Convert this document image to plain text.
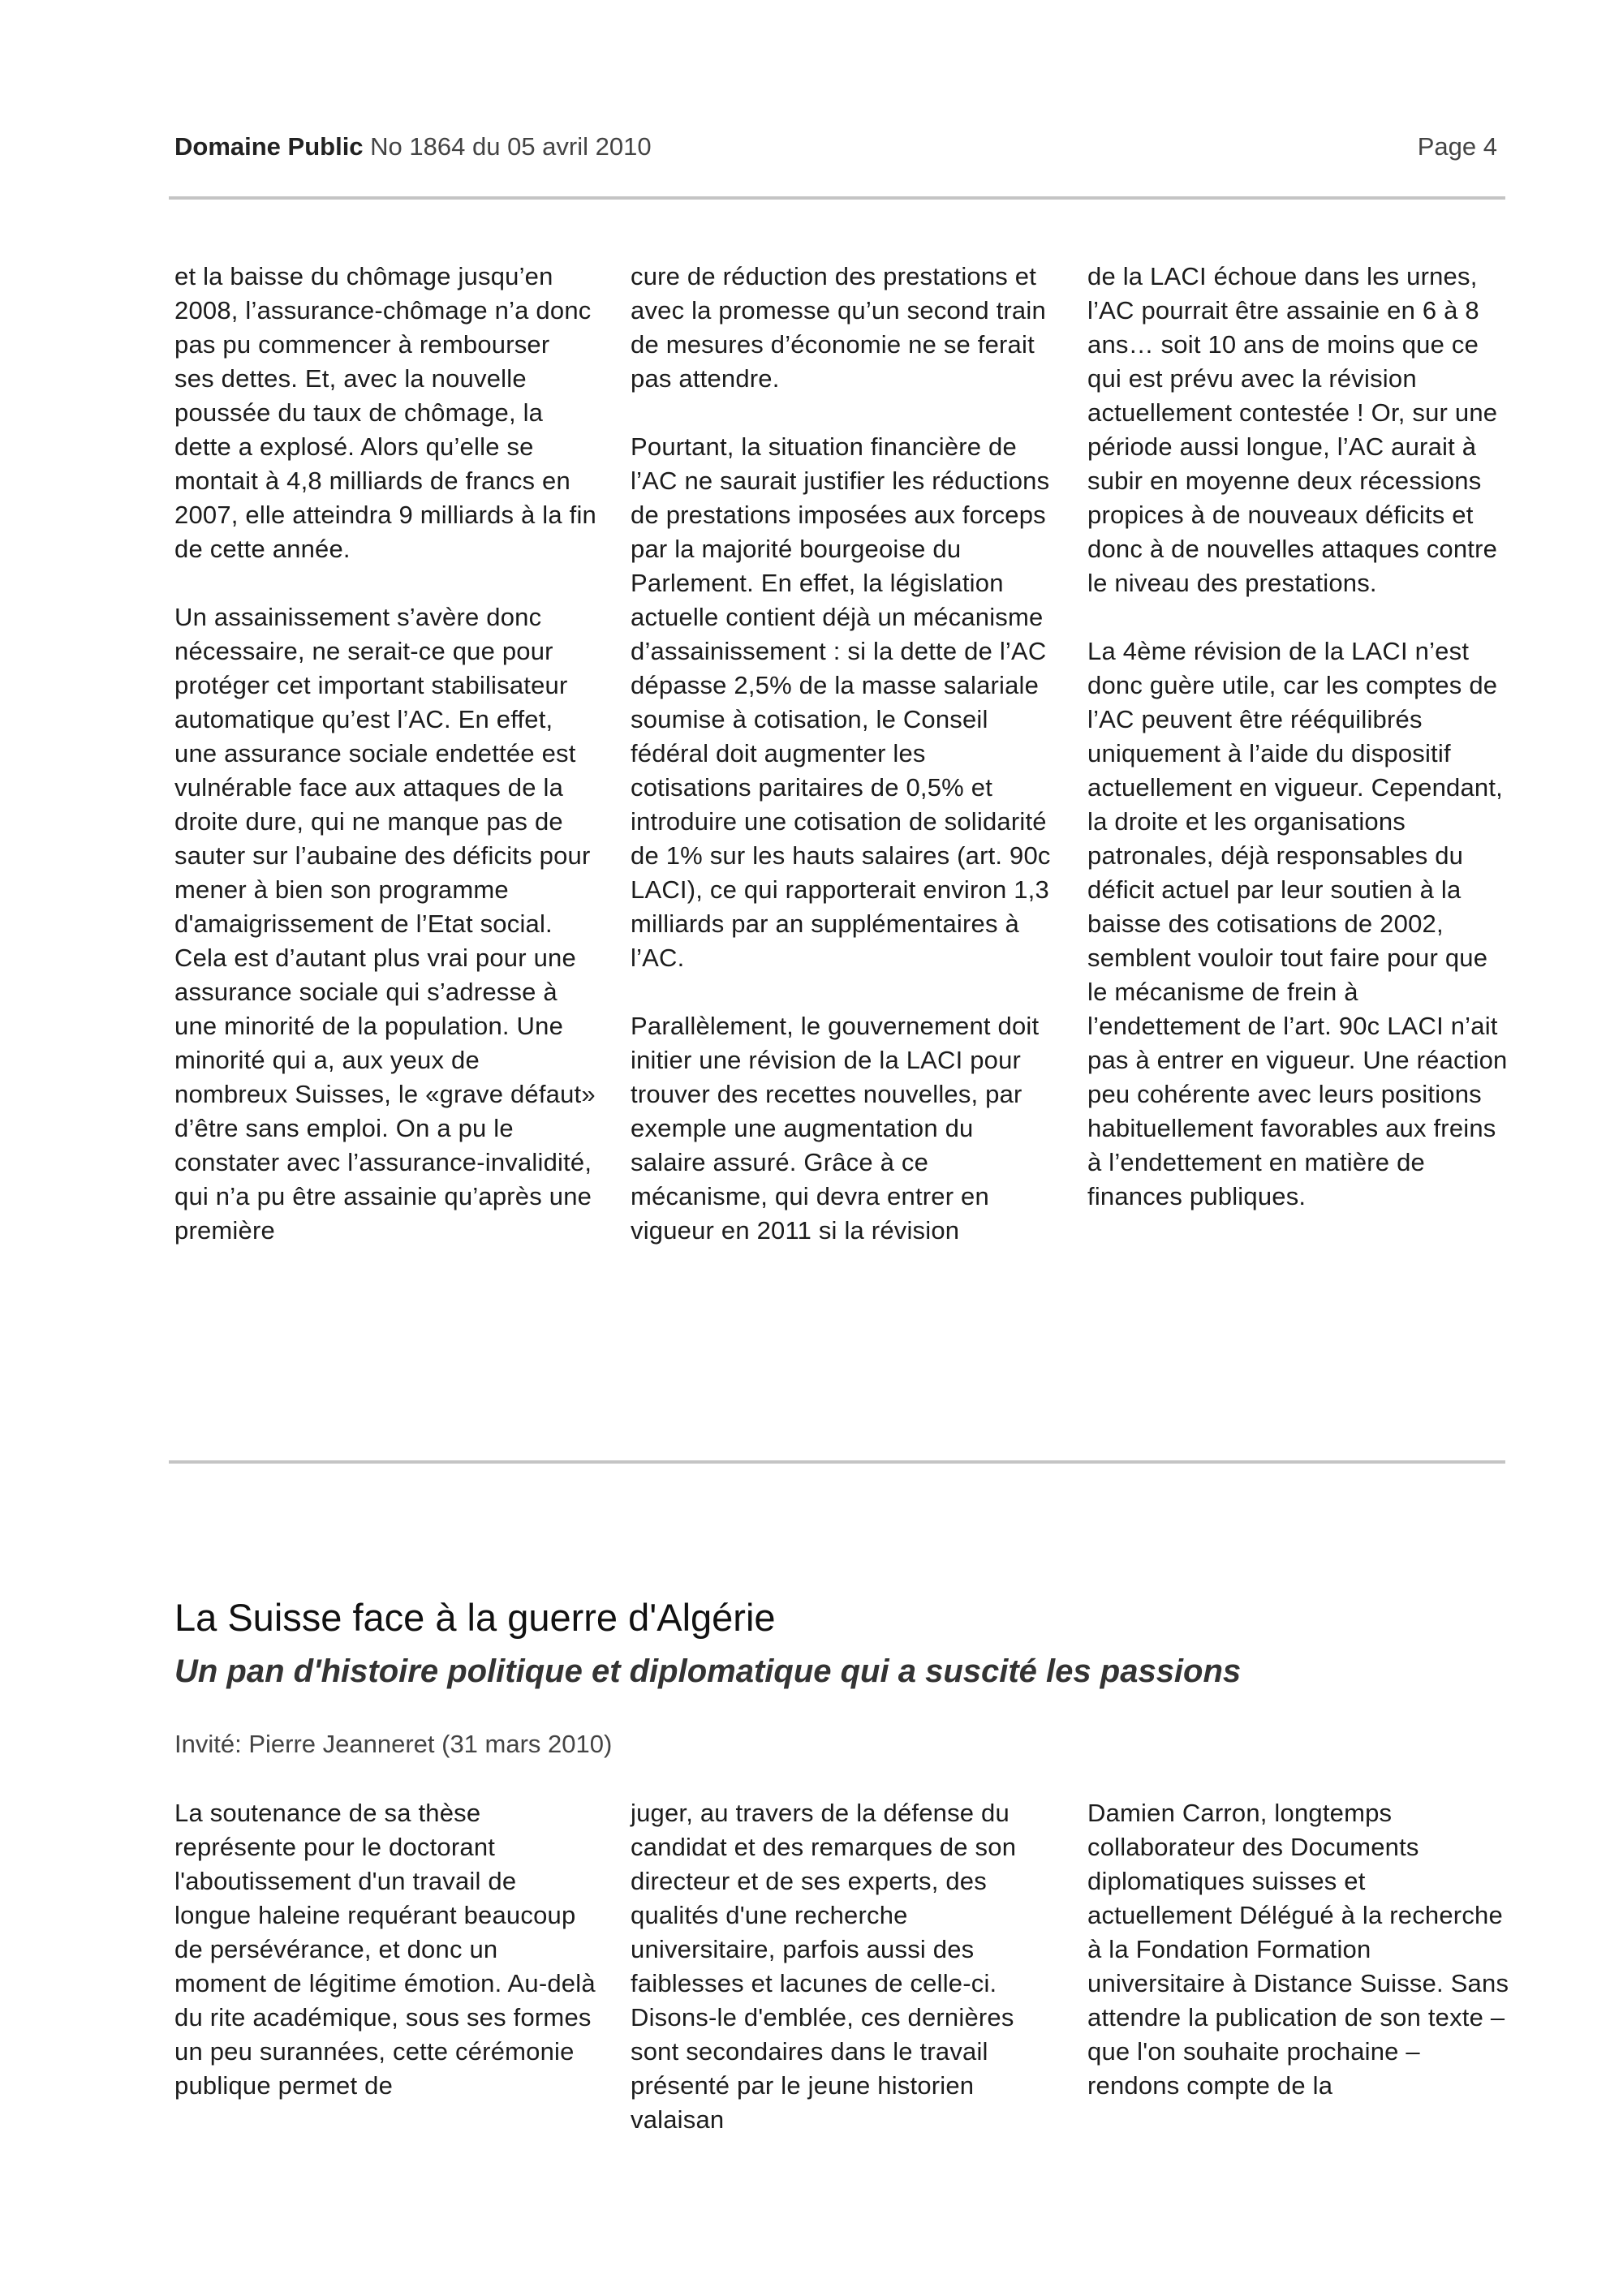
Domaine Public No 1864 du 05 avril 2010	Page 4

et la baisse du chômage jusqu’en 2008, l’assurance-chômage n’a donc pas pu commencer à rembourser ses dettes. Et, avec la nouvelle poussée du taux de chômage, la dette a explosé. Alors qu’elle se montait à 4,8 milliards de francs en 2007, elle atteindra 9 milliards à la fin de cette année.

Un assainissement s’avère donc nécessaire, ne serait-ce que pour protéger cet important stabilisateur automatique qu’est l’AC. En effet, une assurance sociale endettée est vulnérable face aux attaques de la droite dure, qui ne manque pas de sauter sur l’aubaine des déficits pour mener à bien son programme d'amaigrissement de l’Etat social. Cela est d’autant plus vrai pour une assurance sociale qui s’adresse à une minorité de la population. Une minorité qui a, aux yeux de nombreux Suisses, le «grave défaut» d’être sans emploi. On a pu le constater avec l’assurance-invalidité, qui n’a pu être assainie qu’après une première

cure de réduction des prestations et avec la promesse qu’un second train de mesures d’économie ne se ferait pas attendre.

Pourtant, la situation financière de l’AC ne saurait justifier les réductions de prestations imposées aux forceps par la majorité bourgeoise du Parlement. En effet, la législation actuelle contient déjà un mécanisme d’assainissement : si la dette de l’AC dépasse 2,5% de la masse salariale soumise à cotisation, le Conseil fédéral doit augmenter les cotisations paritaires de 0,5% et introduire une cotisation de solidarité de 1% sur les hauts salaires (art. 90c LACI), ce qui rapporterait environ 1,3 milliards par an supplémentaires à l’AC.

Parallèlement, le gouvernement doit initier une révision de la LACI pour trouver des recettes nouvelles, par exemple une augmentation du salaire assuré. Grâce à ce mécanisme, qui devra entrer en vigueur en 2011 si la révision

de la LACI échoue dans les urnes, l’AC pourrait être assainie en 6 à 8 ans… soit 10 ans de moins que ce qui est prévu avec la révision actuellement contestée ! Or, sur une période aussi longue, l’AC aurait à subir en moyenne deux récessions propices à de nouveaux déficits et donc à de nouvelles attaques contre le niveau des prestations.

La 4ème révision de la LACI n’est donc guère utile, car les comptes de l’AC peuvent être rééquilibrés uniquement à l’aide du dispositif actuellement en vigueur. Cependant, la droite et les organisations patronales, déjà responsables du déficit actuel par leur soutien à la baisse des cotisations de 2002, semblent vouloir tout faire pour que le mécanisme de frein à l’endettement de l’art. 90c LACI n’ait pas à entrer en vigueur. Une réaction peu cohérente avec leurs positions habituellement favorables aux freins à l’endettement en matière de finances publiques.

La Suisse face à la guerre d'Algérie
Un pan d'histoire politique et diplomatique qui a suscité les passions
Invité: Pierre Jeanneret (31 mars 2010)

La soutenance de sa thèse représente pour le doctorant l'aboutissement d'un travail de longue haleine requérant beaucoup de persévérance, et donc un moment de légitime émotion. Au-delà du rite académique, sous ses formes un peu surannées, cette cérémonie publique permet de

juger, au travers de la défense du candidat et des remarques de son directeur et de ses experts, des qualités d'une recherche universitaire, parfois aussi des faiblesses et lacunes de celle-ci. Disons-le d'emblée, ces dernières sont secondaires dans le travail présenté par le jeune historien valaisan

Damien Carron, longtemps collaborateur des Documents diplomatiques suisses et actuellement Délégué à la recherche à la Fondation Formation universitaire à Distance Suisse. Sans attendre la publication de son texte – que l'on souhaite prochaine – rendons compte de la
